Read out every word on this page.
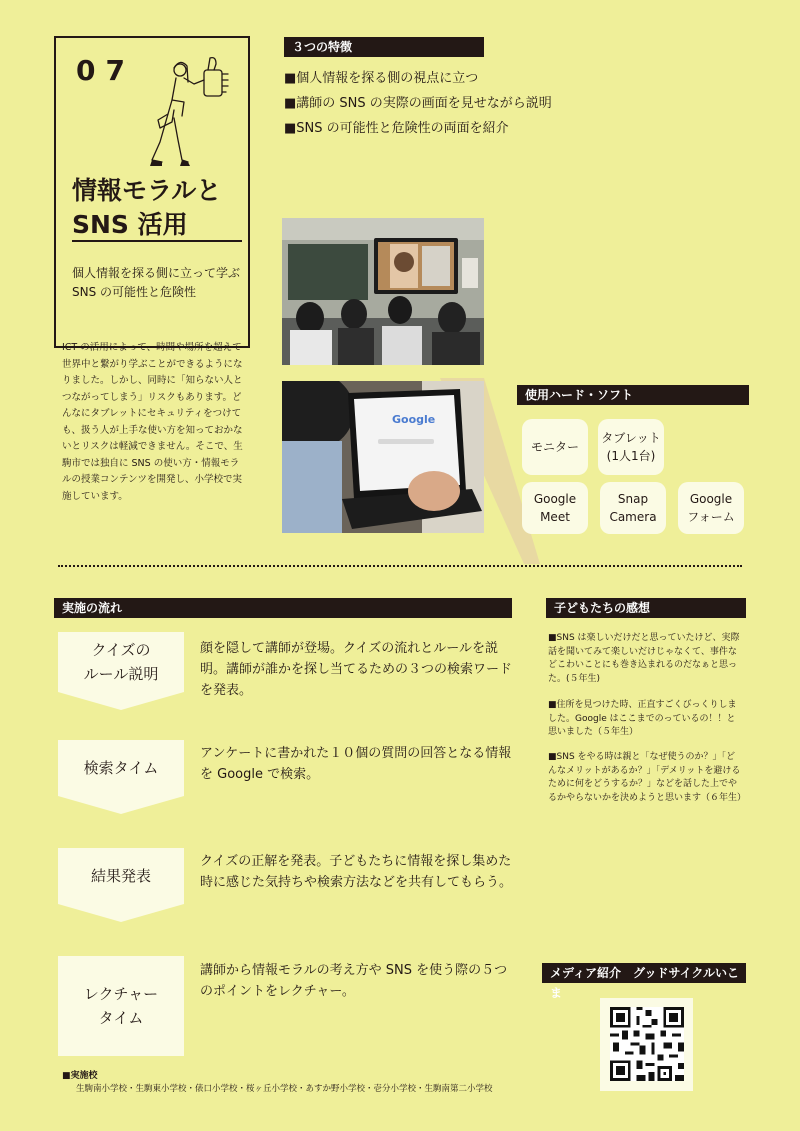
07
情報モラルと
SNS 活用
個人情報を探る側に立って学ぶ
SNS の可能性と危険性

ICT の活用によって、時間や場所を超えて世界中と繋がり学ぶことができるようになりました。しかし、同時に「知らない人とつながってしまう」リスクもあります。どんなにタブレットにセキュリティをつけても、扱う人が上手な使い方を知っておかないとリスクは軽減できません。そこで、生駒市では独自に SNS の使い方・情報モラルの授業コンテンツを開発し、小学校で実施しています。

３つの特徴
■個人情報を探る側の視点に立つ
■講師の SNS の実際の画面を見せながら説明
■SNS の可能性と危険性の両面を紹介
Google
使用ハード・ソフト
モニター
タブレット
(1人1台)
Google
Meet
Snap
Camera
Google
フォーム
実施の流れ
クイズの
ルール説明

顔を隠して講師が登場。クイズの流れとルールを説明。講師が誰かを探し当てるための３つの検索ワードを発表。

検索タイム

アンケートに書かれた１０個の質問の回答となる情報を Google で検索。

結果発表

クイズの正解を発表。子どもたちに情報を探し集めた時に感じた気持ちや検索方法などを共有してもらう。

レクチャー
タイム

講師から情報モラルの考え方や SNS を使う際の５つのポイントをレクチャー。

子どもたちの感想

■SNS は楽しいだけだと思っていたけど、実際話を聞いてみて楽しいだけじゃなくて、事件などこわいことにも巻き込まれるのだなぁと思った。(５年生)

■住所を見つけた時、正直すごくびっくりしました。Google はここまでのっているの！！と思いました（５年生）

■SNS をやる時は親と「なぜ使うのか？」「どんなメリットがあるか？」「デメリットを避けるために何をどうするか？」などを話した上でやるかやらないかを決めようと思います（６年生）

メディア紹介　グッドサイクルいこま
■実施校
生駒南小学校・生駒東小学校・俵口小学校・桜ヶ丘小学校・あすか野小学校・壱分小学校・生駒南第二小学校
